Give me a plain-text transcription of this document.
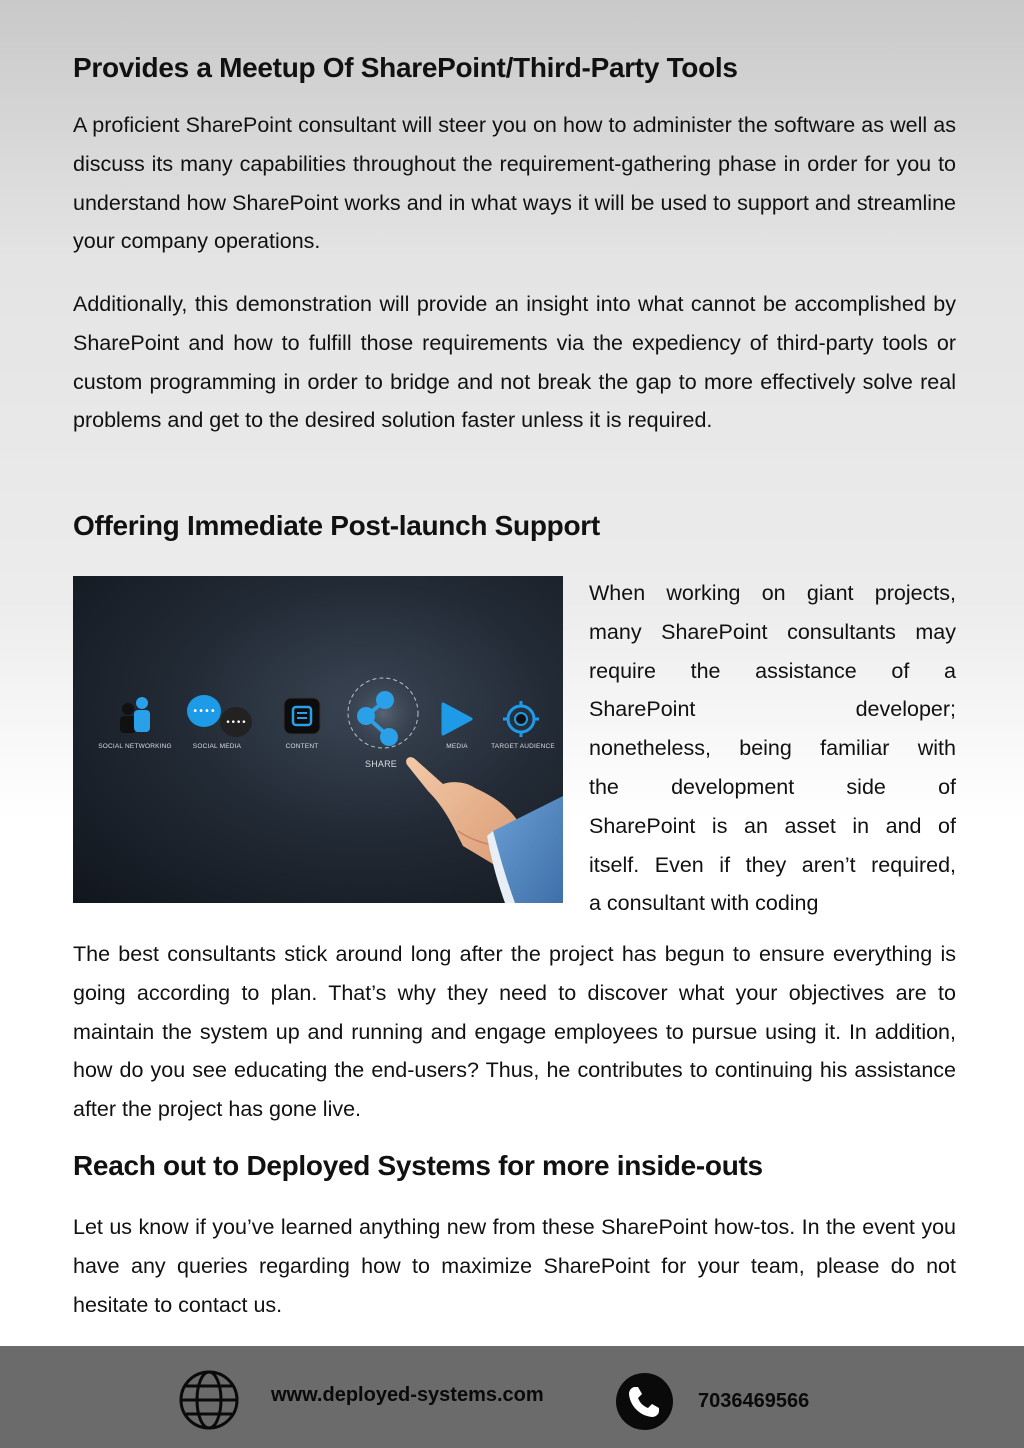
Provides a Meetup Of SharePoint/Third-Party Tools

A proficient SharePoint consultant will steer you on how to administer the software as well as discuss its many capabilities throughout the requirement-gathering phase in order for you to understand how SharePoint works and in what ways it will be used to support and streamline your company operations.

Additionally, this demonstration will provide an insight into what cannot be accomplished by SharePoint and how to fulfill those requirements via the expediency of third-party tools or custom programming in order to bridge and not break the gap to more effectively solve real problems and get to the desired solution faster unless it is required.

Offering Immediate Post-launch Support
••••
••••
SOCIAL NETWORKING	SOCIAL MEDIA	CONTENT
SHARE
MEDIA	TARGET AUDIENCE

When working on giant projects,
many SharePoint consultants may
require the assistance of a
SharePoint developer;
nonetheless, being familiar with
the development side of
SharePoint is an asset in and of
itself. Even if they aren’t required,
a consultant with coding

The best consultants stick around long after the project has begun to ensure everything is going according to plan. That’s why they need to discover what your objectives are to maintain the system up and running and engage employees to pursue using it. In addition, how do you see educating the end-users? Thus, he contributes to continuing his assistance after the project has gone live.

Reach out to Deployed Systems for more inside-outs

Let us know if you’ve learned anything new from these SharePoint how-tos. In the event you have any queries regarding how to maximize SharePoint for your team, please do not hesitate to contact us.

www.deployed-systems.com	7036469566
